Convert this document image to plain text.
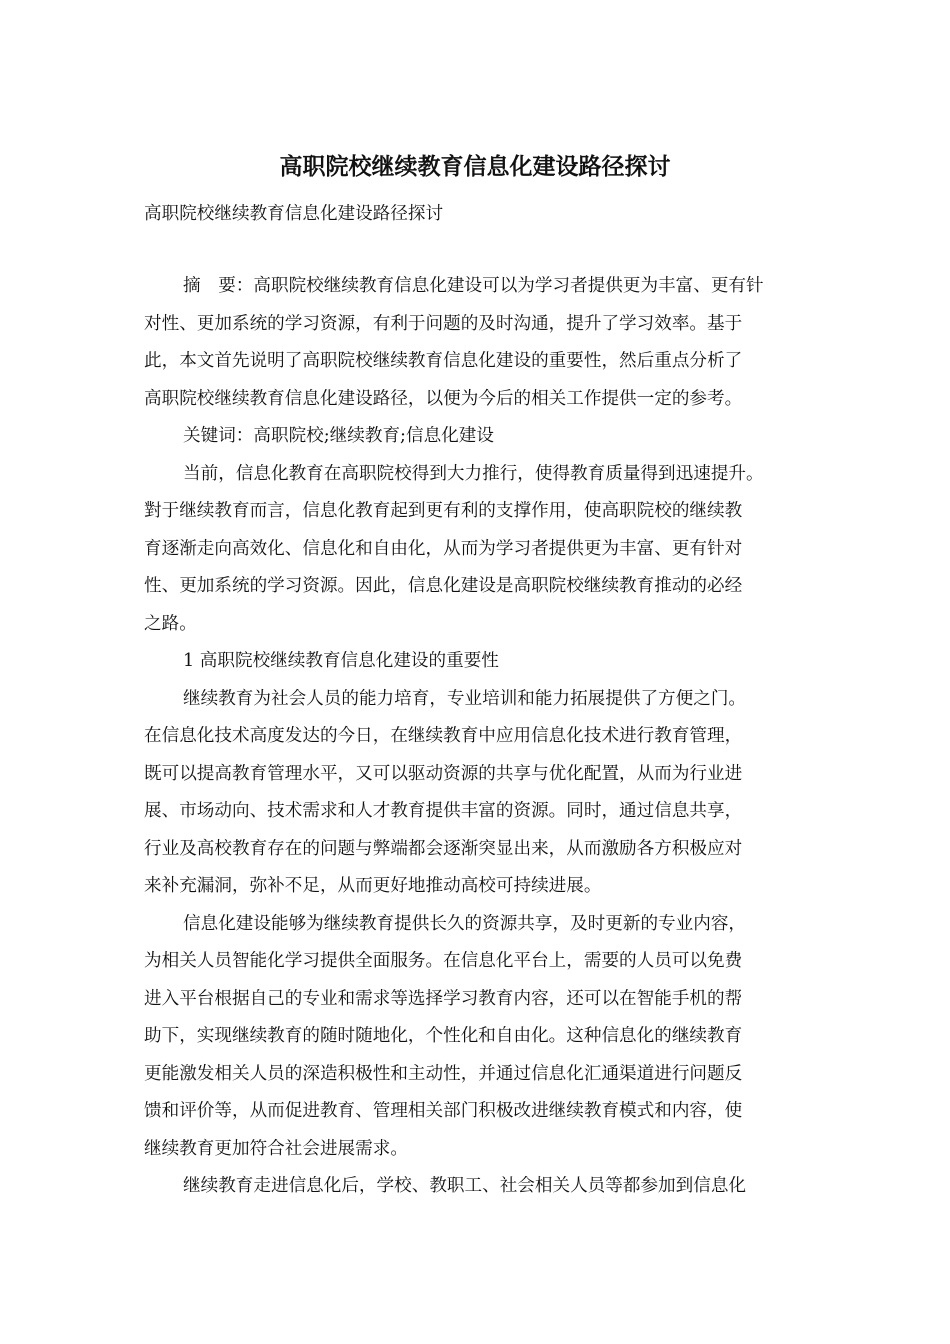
高职院校继续教育信息化建设路径探讨
高职院校继续教育信息化建设路径探讨
摘　要：高职院校继续教育信息化建设可以为学习者提供更为丰富、更有针
对性、更加系统的学习资源，有利于问题的及时沟通，提升了学习效率。基于
此，本文首先说明了高职院校继续教育信息化建设的重要性，然后重点分析了
高职院校继续教育信息化建设路径，以便为今后的相关工作提供一定的参考。
关键词：高职院校;继续教育;信息化建设
当前，信息化教育在高职院校得到大力推行，使得教育质量得到迅速提升。
對于继续教育而言，信息化教育起到更有利的支撑作用，使高职院校的继续教
育逐渐走向高效化、信息化和自由化，从而为学习者提供更为丰富、更有针对
性、更加系统的学习资源。因此，信息化建设是高职院校继续教育推动的必经
之路。
1 高职院校继续教育信息化建设的重要性
继续教育为社会人员的能力培育，专业培训和能力拓展提供了方便之门。
在信息化技术高度发达的今日，在继续教育中应用信息化技术进行教育管理，
既可以提高教育管理水平，又可以驱动资源的共享与优化配置，从而为行业进
展、市场动向、技术需求和人才教育提供丰富的资源。同时，通过信息共享，
行业及高校教育存在的问题与弊端都会逐渐突显出来，从而激励各方积极应对
来补充漏洞，弥补不足，从而更好地推动高校可持续进展。
信息化建设能够为继续教育提供长久的资源共享，及时更新的专业内容，
为相关人员智能化学习提供全面服务。在信息化平台上，需要的人员可以免费
进入平台根据自己的专业和需求等选择学习教育内容，还可以在智能手机的帮
助下，实现继续教育的随时随地化，个性化和自由化。这种信息化的继续教育
更能激发相关人员的深造积极性和主动性，并通过信息化汇通渠道进行问题反
馈和评价等，从而促进教育、管理相关部门积极改进继续教育模式和内容，使
继续教育更加符合社会进展需求。
继续教育走进信息化后，学校、教职工、社会相关人员等都参加到信息化
